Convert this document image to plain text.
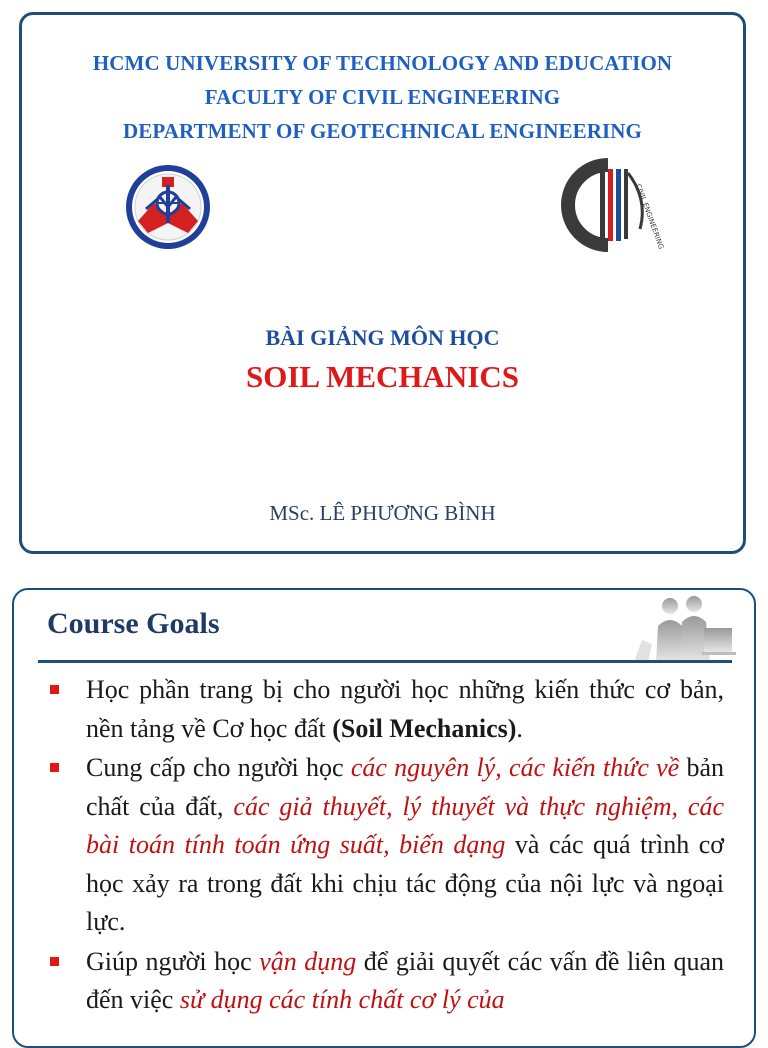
HCMC UNIVERSITY OF TECHNOLOGY AND EDUCATION
FACULTY OF CIVIL ENGINEERING
DEPARTMENT OF GEOTECHNICAL ENGINEERING
CIVIL ENGINEERING
BÀI GIẢNG MÔN HỌC
SOIL MECHANICS
MSc. LÊ PHƯƠNG BÌNH
Course Goals
Học phần trang bị cho người học những kiến thức cơ bản, nền tảng về Cơ học đất (Soil Mechanics).
Cung cấp cho người học các nguyên lý, các kiến thức về bản chất của đất, các giả thuyết, lý thuyết và thực nghiệm, các bài toán tính toán ứng suất, biến dạng và các quá trình cơ học xảy ra trong đất khi chịu tác động của nội lực và ngoại lực.
Giúp người học vận dụng để giải quyết các vấn đề liên quan đến việc sử dụng các tính chất cơ lý của
